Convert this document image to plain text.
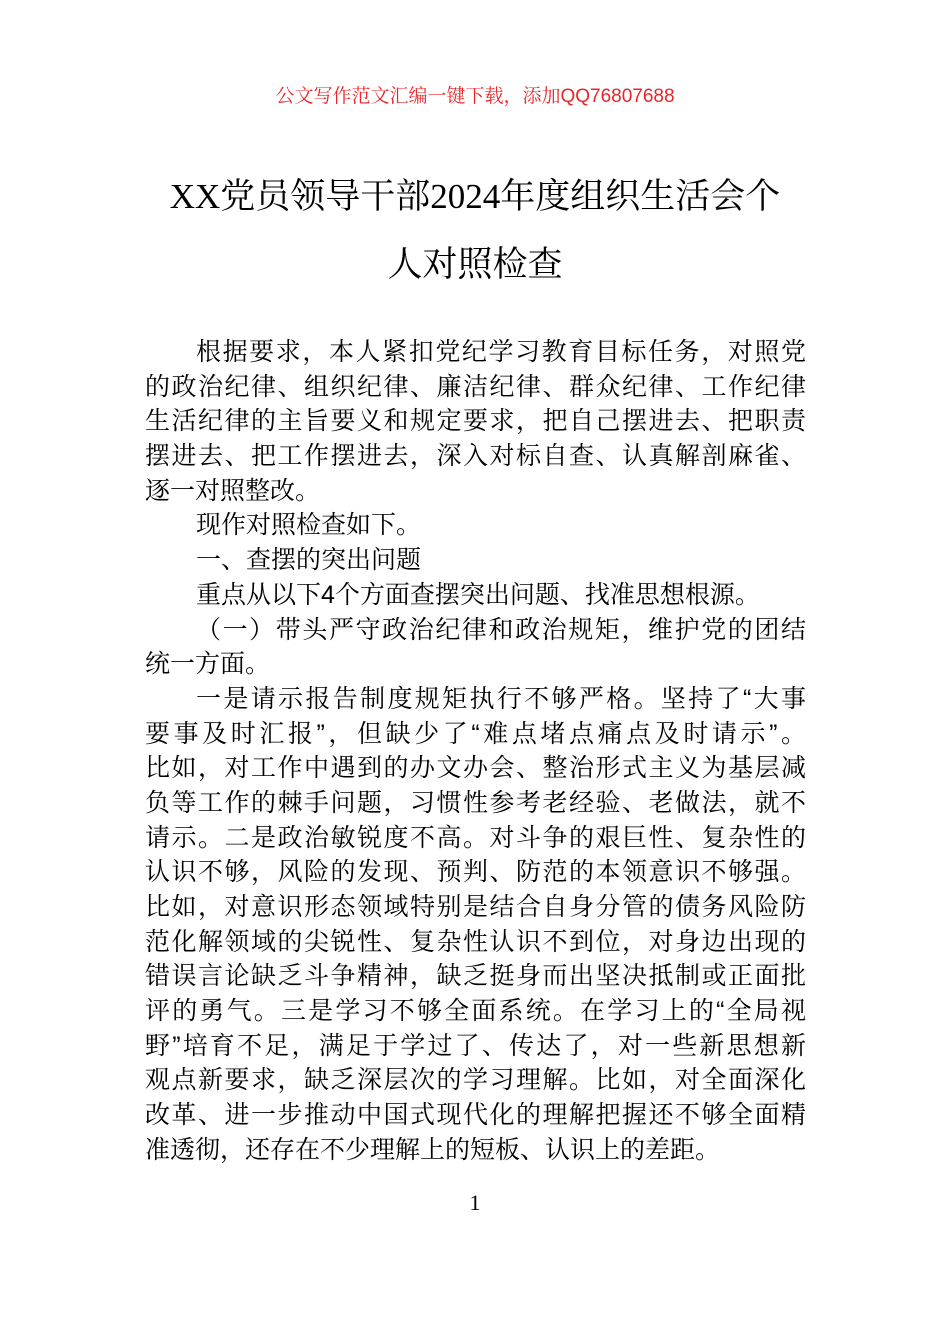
公文写作范文汇编一键下载，添加QQ76807688
XX党员领导干部2024年度组织生活会个
人对照检查
根据要求，本人紧扣党纪学习教育目标任务，对照党
的政治纪律、组织纪律、廉洁纪律、群众纪律、工作纪律
生活纪律的主旨要义和规定要求，把自己摆进去、把职责
摆进去、把工作摆进去，深入对标自查、认真解剖麻雀、
逐一对照整改。
现作对照检查如下。
一、查摆的突出问题
重点从以下4个方面查摆突出问题、找准思想根源。
（一）带头严守政治纪律和政治规矩，维护党的团结
统一方面。
一是请示报告制度规矩执行不够严格。坚持了“大事
要事及时汇报”，但缺少了“难点堵点痛点及时请示”。
比如，对工作中遇到的办文办会、整治形式主义为基层减
负等工作的棘手问题，习惯性参考老经验、老做法，就不
请示。二是政治敏锐度不高。对斗争的艰巨性、复杂性的
认识不够，风险的发现、预判、防范的本领意识不够强。
比如，对意识形态领域特别是结合自身分管的债务风险防
范化解领域的尖锐性、复杂性认识不到位，对身边出现的
错误言论缺乏斗争精神，缺乏挺身而出坚决抵制或正面批
评的勇气。三是学习不够全面系统。在学习上的“全局视
野”培育不足，满足于学过了、传达了，对一些新思想新
观点新要求，缺乏深层次的学习理解。比如，对全面深化
改革、进一步推动中国式现代化的理解把握还不够全面精
准透彻，还存在不少理解上的短板、认识上的差距。
1
